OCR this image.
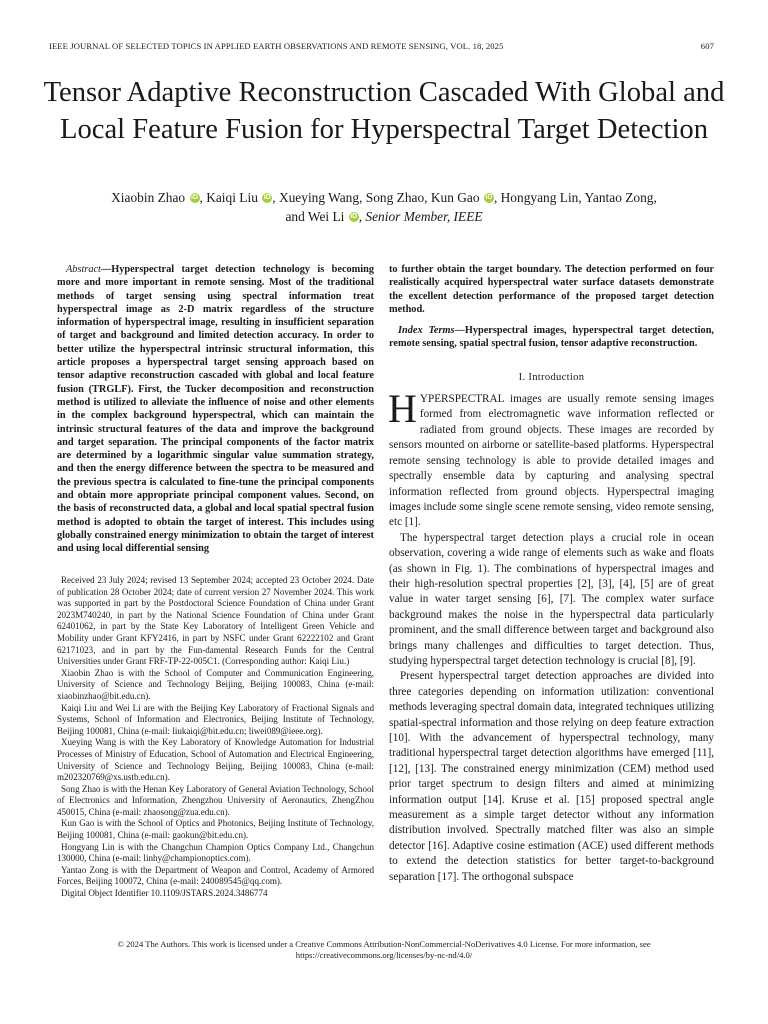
IEEE JOURNAL OF SELECTED TOPICS IN APPLIED EARTH OBSERVATIONS AND REMOTE SENSING, VOL. 18, 2025	607
Tensor Adaptive Reconstruction Cascaded With Global and Local Feature Fusion for Hyperspectral Target Detection
Xiaobin Zhao iD , Kaiqi Liu iD , Xueying Wang, Song Zhao, Kun Gao iD , Hongyang Lin, Yantao Zong,
and Wei Li iD , Senior Member, IEEE

Abstract—Hyperspectral target detection technology is becoming more and more important in remote sensing. Most of the traditional methods of target sensing using spectral information treat hyperspectral image as 2-D matrix regardless of the structure information of hyperspectral image, resulting in insufficient separation of target and background and limited detection accuracy. In order to better utilize the hyperspectral intrinsic structural information, this article proposes a hyperspectral target sensing approach based on tensor adaptive reconstruction cascaded with global and local feature fusion (TRGLF). First, the Tucker decomposition and reconstruction method is utilized to alleviate the influence of noise and other elements in the complex background hyperspectral, which can maintain the intrinsic structural features of the data and improve the background and target separation. The principal components of the factor matrix are determined by a logarithmic singular value summation strategy, and then the energy difference between the spectra to be measured and the previous spectra is calculated to fine-tune the principal components and obtain more appropriate principal component values. Second, on the basis of reconstructed data, a global and local spatial spectral fusion method is adopted to obtain the target of interest. This includes using globally constrained energy minimization to obtain the target of interest and using local differential sensing

Received 23 July 2024; revised 13 September 2024; accepted 23 October 2024. Date of publication 28 October 2024; date of current version 27 November 2024. This work was supported in part by the Postdoctoral Science Foundation of China under Grant 2023M740240, in part by the National Science Foundation of China under Grant 62401062, in part by the State Key Laboratory of Intelligent Green Vehicle and Mobility under Grant KFY2416, in part by NSFC under Grant 62222102 and Grant 62171023, and in part by the Fun-damental Research Funds for the Central Universities under Grant FRF-TP-22-005C1. (Corresponding author: Kaiqi Liu.)

Xiaobin Zhao is with the School of Computer and Communication Engineering, University of Science and Technology Beijing, Beijing 100083, China (e-mail: xiaobinzhao@bit.edu.cn).

Kaiqi Liu and Wei Li are with the Beijing Key Laboratory of Fractional Signals and Systems, School of Information and Electronics, Beijing Institute of Technology, Beijing 100081, China (e-mail: liukaiqi@bit.edu.cn; liwei089@ieee.org).

Xueying Wang is with the Key Laboratory of Knowledge Automation for Industrial Processes of Ministry of Education, School of Automation and Electrical Engineering, University of Science and Technology Beijing, Beijing 100083, China (e-mail: m202320769@xs.ustb.edu.cn).

Song Zhao is with the Henan Key Laboratory of General Aviation Technology, School of Electronics and Information, Zhengzhou University of Aeronautics, ZhengZhou 450015, China (e-mail: zhaosong@zua.edu.cn).

Kun Gao is with the School of Optics and Photonics, Beijing Institute of Technology, Beijing 100081, China (e-mail: gaokun@bit.edu.cn).

Hongyang Lin is with the Changchun Champion Optics Company Ltd., Changchun 130000, China (e-mail: linhy@championoptics.com).

Yantao Zong is with the Department of Weapon and Control, Academy of Armored Forces, Beijing 100072, China (e-mail: 240089545@qq.com).

Digital Object Identifier 10.1109/JSTARS.2024.3486774

to further obtain the target boundary. The detection performed on four realistically acquired hyperspectral water surface datasets demonstrate the excellent detection performance of the proposed target detection method.

Index Terms—Hyperspectral images, hyperspectral target detection, remote sensing, spatial spectral fusion, tensor adaptive reconstruction.

I. Introduction

HYPERSPECTRAL images are usually remote sensing images formed from electromagnetic wave information reflected or radiated from ground objects. These images are recorded by sensors mounted on airborne or satellite-based platforms. Hyperspectral remote sensing technology is able to provide detailed images and spectrally ensemble data by capturing and analysing spectral information reflected from ground objects. Hyperspectral imaging images include some single scene remote sensing, video remote sensing, etc [1].

The hyperspectral target detection plays a crucial role in ocean observation, covering a wide range of elements such as wake and floats (as shown in Fig. 1). The combinations of hyperspectral images and their high-resolution spectral properties [2], [3], [4], [5] are of great value in water target sensing [6], [7]. The complex water surface background makes the noise in the hyperspectral data particularly prominent, and the small difference between target and background also brings many challenges and difficulties to target detection. Thus, studying hyperspectral target detection technology is crucial [8], [9].

Present hyperspectral target detection approaches are divided into three categories depending on information utilization: conventional methods leveraging spectral domain data, integrated techniques utilizing spatial-spectral information and those relying on deep feature extraction [10]. With the advancement of hyperspectral technology, many traditional hyperspectral target detection algorithms have emerged [11], [12], [13]. The constrained energy minimization (CEM) method used prior target spectrum to design filters and aimed at minimizing information output [14]. Kruse et al. [15] proposed spectral angle measurement as a simple target detector without any information distribution involved. Spectrally matched filter was also an simple detector [16]. Adaptive cosine estimation (ACE) used different methods to extend the detection statistics for better target-to-background separation [17]. The orthogonal subspace

© 2024 The Authors. This work is licensed under a Creative Commons Attribution-NonCommercial-NoDerivatives 4.0 License. For more information, see https://creativecommons.org/licenses/by-nc-nd/4.0/
